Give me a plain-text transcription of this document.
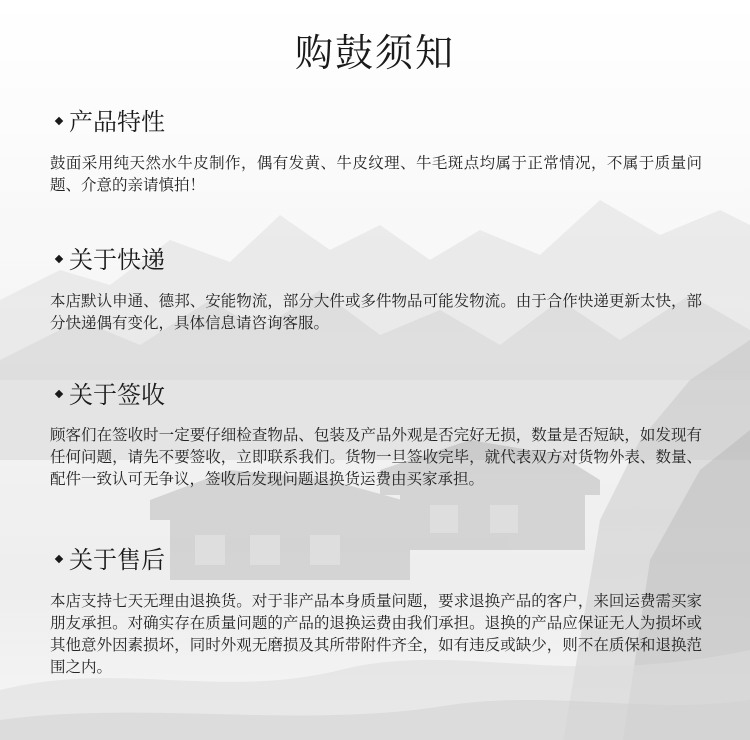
购鼓须知
产品特性
鼓面采用纯天然水牛皮制作，偶有发黄、牛皮纹理、牛毛斑点均属于正常情况，不属于质量问题、介意的亲请慎拍！
关于快递
本店默认申通、德邦、安能物流，部分大件或多件物品可能发物流。由于合作快递更新太快，部分快递偶有变化，具体信息请咨询客服。
关于签收
顾客们在签收时一定要仔细检查物品、包装及产品外观是否完好无损，数量是否短缺，如发现有任何问题，请先不要签收，立即联系我们。货物一旦签收完毕，就代表双方对货物外表、数量、配件一致认可无争议，签收后发现问题退换货运费由买家承担。
关于售后
本店支持七天无理由退换货。对于非产品本身质量问题，要求退换产品的客户，来回运费需买家朋友承担。对确实存在质量问题的产品的退换运费由我们承担。退换的产品应保证无人为损坏或其他意外因素损坏，同时外观无磨损及其所带附件齐全，如有违反或缺少，则不在质保和退换范围之内。
